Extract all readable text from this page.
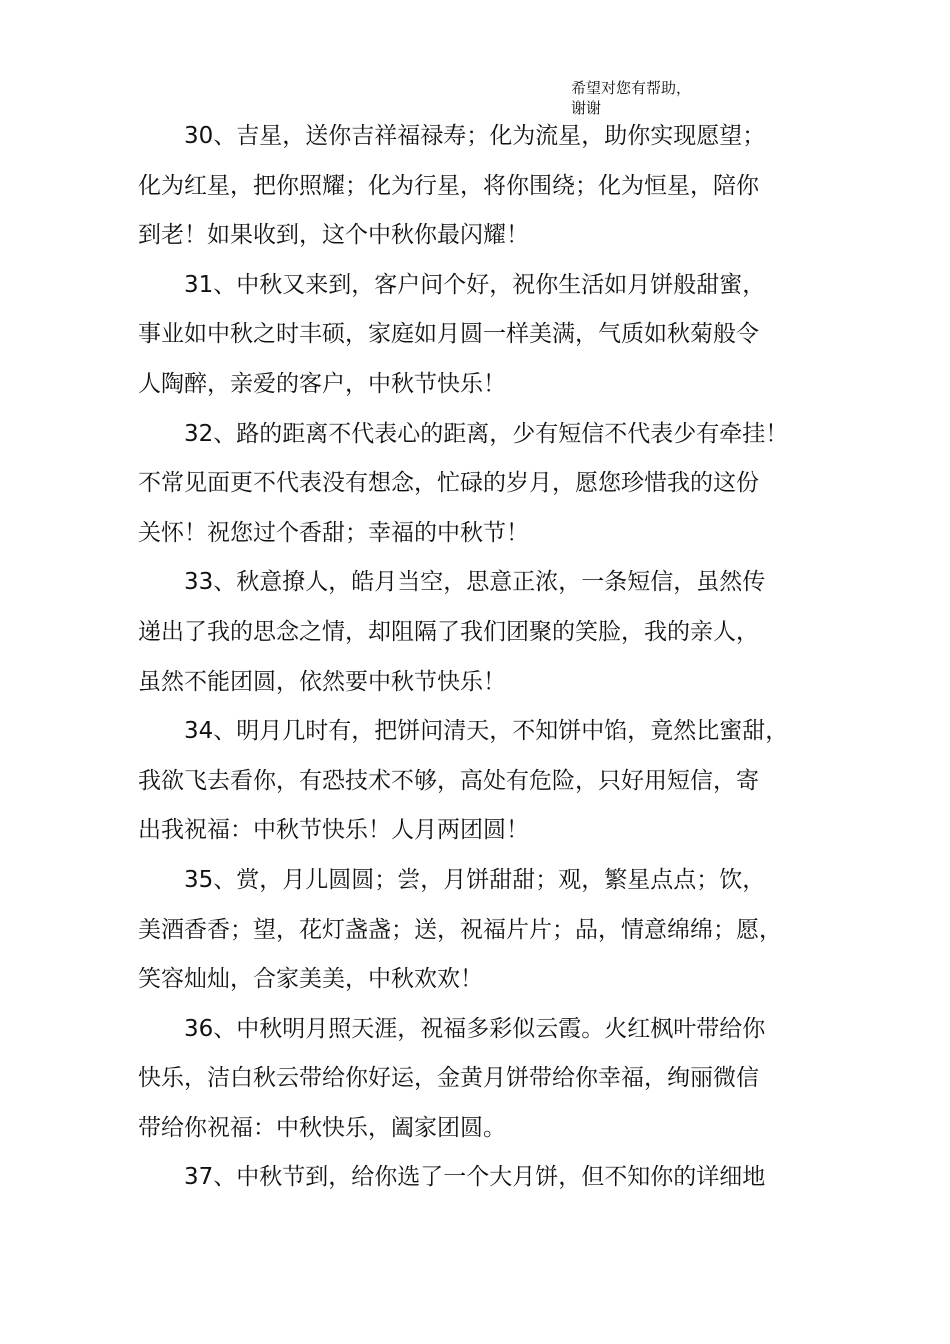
希望对您有帮助，
谢谢
30、吉星，送你吉祥福禄寿；化为流星，助你实现愿望；
化为红星，把你照耀；化为行星，将你围绕；化为恒星，陪你
到老！如果收到，这个中秋你最闪耀！
31、中秋又来到，客户问个好，祝你生活如月饼般甜蜜，
事业如中秋之时丰硕，家庭如月圆一样美满，气质如秋菊般令
人陶醉，亲爱的客户，中秋节快乐！
32、路的距离不代表心的距离，少有短信不代表少有牵挂！
不常见面更不代表没有想念，忙碌的岁月，愿您珍惜我的这份
关怀！祝您过个香甜；幸福的中秋节！
33、秋意撩人，皓月当空，思意正浓，一条短信，虽然传
递出了我的思念之情，却阻隔了我们团聚的笑脸，我的亲人，
虽然不能团圆，依然要中秋节快乐！
34、明月几时有，把饼问清天，不知饼中馅，竟然比蜜甜，
我欲飞去看你，有恐技术不够，高处有危险，只好用短信，寄
出我祝福：中秋节快乐！人月两团圆！
35、赏，月儿圆圆；尝，月饼甜甜；观，繁星点点；饮，
美酒香香；望，花灯盏盏；送，祝福片片；品，情意绵绵；愿，
笑容灿灿，合家美美，中秋欢欢！
36、中秋明月照天涯，祝福多彩似云霞。火红枫叶带给你
快乐，洁白秋云带给你好运，金黄月饼带给你幸福，绚丽微信
带给你祝福：中秋快乐，阖家团圆。
37、中秋节到，给你选了一个大月饼，但不知你的详细地
